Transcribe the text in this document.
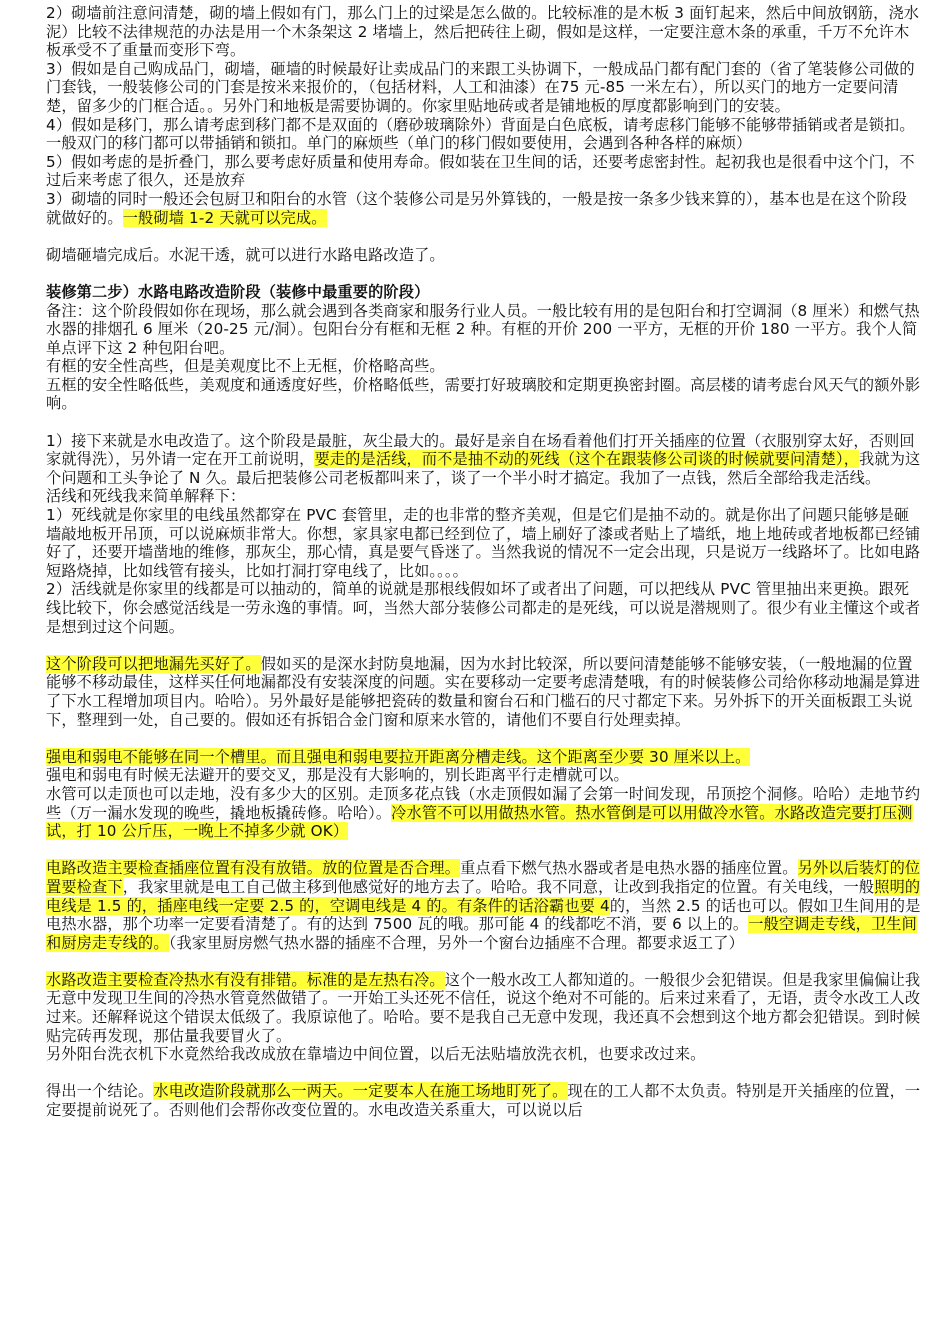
2）砌墙前注意问清楚，砌的墙上假如有门，那么门上的过梁是怎么做的。比较标准的是木板 3 面钉起来，然后中间放钢筋，浇水泥）比较不法律规范的办法是用一个木条架这 2 堵墙上，然后把砖往上砌，假如是这样，一定要注意木条的承重，千万不允许木板承受不了重量而变形下弯。

3）假如是自己购成品门，砌墙，砸墙的时候最好让卖成品门的来跟工头协调下，一般成品门都有配门套的（省了笔装修公司做的门套钱，一般装修公司的门套是按米来报价的，（包括材料，人工和油漆）在75 元-85 一米左右），所以买门的地方一定要问清楚，留多少的门框合适。。另外门和地板是需要协调的。你家里贴地砖或者是铺地板的厚度都影响到门的安装。

4）假如是移门，那么请考虑到移门都不是双面的（磨砂玻璃除外）背面是白色底板，请考虑移门能够不能够带插销或者是锁扣。一般双门的移门都可以带插销和锁扣。单门的麻烦些（单门的移门假如要使用，会遇到各种各样的麻烦）

5）假如考虑的是折叠门，那么要考虑好质量和使用寿命。假如装在卫生间的话，还要考虑密封性。起初我也是很看中这个门，不过后来考虑了很久，还是放弃

3）砌墙的同时一般还会包厨卫和阳台的水管（这个装修公司是另外算钱的，一般是按一条多少钱来算的），基本也是在这个阶段就做好的。一般砌墙 1-2 天就可以完成。

砌墙砸墙完成后。水泥干透，就可以进行水路电路改造了。

装修第二步）水路电路改造阶段（装修中最重要的阶段）

备注：这个阶段假如你在现场，那么就会遇到各类商家和服务行业人员。一般比较有用的是包阳台和打空调洞（8 厘米）和燃气热水器的排烟孔 6 厘米（20-25 元/洞）。包阳台分有框和无框 2 种。有框的开价 200 一平方，无框的开价 180 一平方。我个人简单点评下这 2 种包阳台吧。

有框的安全性高些，但是美观度比不上无框，价格略高些。

五框的安全性略低些，美观度和通透度好些，价格略低些，需要打好玻璃胶和定期更换密封圈。高层楼的请考虑台风天气的额外影响。

1）接下来就是水电改造了。这个阶段是最脏，灰尘最大的。最好是亲自在场看着他们打开关插座的位置（衣服别穿太好，否则回家就得洗），另外请一定在开工前说明，要走的是活线，而不是抽不动的死线（这个在跟装修公司谈的时候就要问清楚），我就为这个问题和工头争论了 N 久。最后把装修公司老板都叫来了，谈了一个半小时才搞定。我加了一点钱，然后全部给我走活线。

活线和死线我来简单解释下：

1）死线就是你家里的电线虽然都穿在 PVC 套管里，走的也非常的整齐美观，但是它们是抽不动的。就是你出了问题只能够是砸墙敲地板开吊顶，可以说麻烦非常大。你想，家具家电都已经到位了，墙上刷好了漆或者贴上了墙纸，地上地砖或者地板都已经铺好了，还要开墙凿地的维修，那灰尘，那心情，真是要气昏迷了。当然我说的情况不一定会出现，只是说万一线路坏了。比如电路短路烧掉，比如线管有接头，比如打洞打穿电线了，比如。。。。

2）活线就是你家里的线都是可以抽动的，简单的说就是那根线假如坏了或者出了问题，可以把线从 PVC 管里抽出来更换。跟死线比较下，你会感觉活线是一劳永逸的事情。呵，当然大部分装修公司都走的是死线，可以说是潜规则了。很少有业主懂这个或者是想到过这个问题。

这个阶段可以把地漏先买好了。假如买的是深水封防臭地漏，因为水封比较深，所以要问清楚能够不能够安装，（一般地漏的位置能够不移动最佳，这样买任何地漏都没有安装深度的问题。实在要移动一定要考虑清楚哦，有的时候装修公司给你移动地漏是算进了下水工程增加项目内。哈哈）。另外最好是能够把瓷砖的数量和窗台石和门槛石的尺寸都定下来。另外拆下的开关面板跟工头说下，整理到一处，自己要的。假如还有拆铝合金门窗和原来水管的，请他们不要自行处理卖掉。

强电和弱电不能够在同一个槽里。而且强电和弱电要拉开距离分槽走线。这个距离至少要 30 厘米以上。

强电和弱电有时候无法避开的要交叉，那是没有大影响的，别长距离平行走槽就可以。

水管可以走顶也可以走地，没有多少大的区别。走顶多花点钱（水走顶假如漏了会第一时间发现，吊顶挖个洞修。哈哈）走地节约些（万一漏水发现的晚些，撬地板撬砖修。哈哈）。冷水管不可以用做热水管。热水管倒是可以用做冷水管。水路改造完要打压测试，打 10 公斤压，一晚上不掉多少就 OK）

电路改造主要检查插座位置有没有放错。放的位置是否合理。重点看下燃气热水器或者是电热水器的插座位置。另外以后装灯的位置要检查下，我家里就是电工自己做主移到他感觉好的地方去了。哈哈。我不同意，让改到我指定的位置。有关电线，一般照明的电线是 1.5 的，插座电线一定要 2.5 的，空调电线是 4 的。有条件的话浴霸也要 4的，当然 2.5 的话也可以。假如卫生间用的是电热水器，那个功率一定要看清楚了。有的达到 7500 瓦的哦。那可能 4 的线都吃不消，要 6 以上的。一般空调走专线，卫生间和厨房走专线的。（我家里厨房燃气热水器的插座不合理，另外一个窗台边插座不合理。都要求返工了）

水路改造主要检查冷热水有没有排错。标准的是左热右冷。这个一般水改工人都知道的。一般很少会犯错误。但是我家里偏偏让我无意中发现卫生间的冷热水管竟然做错了。一开始工头还死不信任，说这个绝对不可能的。后来过来看了，无语，责令水改工人改过来。还解释说这个错误太低级了。我原谅他了。哈哈。要不是我自己无意中发现，我还真不会想到这个地方都会犯错误。到时候贴完砖再发现，那估量我要冒火了。

另外阳台洗衣机下水竟然给我改成放在靠墙边中间位置，以后无法贴墙放洗衣机，也要求改过来。

得出一个结论。水电改造阶段就那么一两天。一定要本人在施工场地盯死了。现在的工人都不太负责。特别是开关插座的位置，一定要提前说死了。否则他们会帮你改变位置的。水电改造关系重大，可以说以后
